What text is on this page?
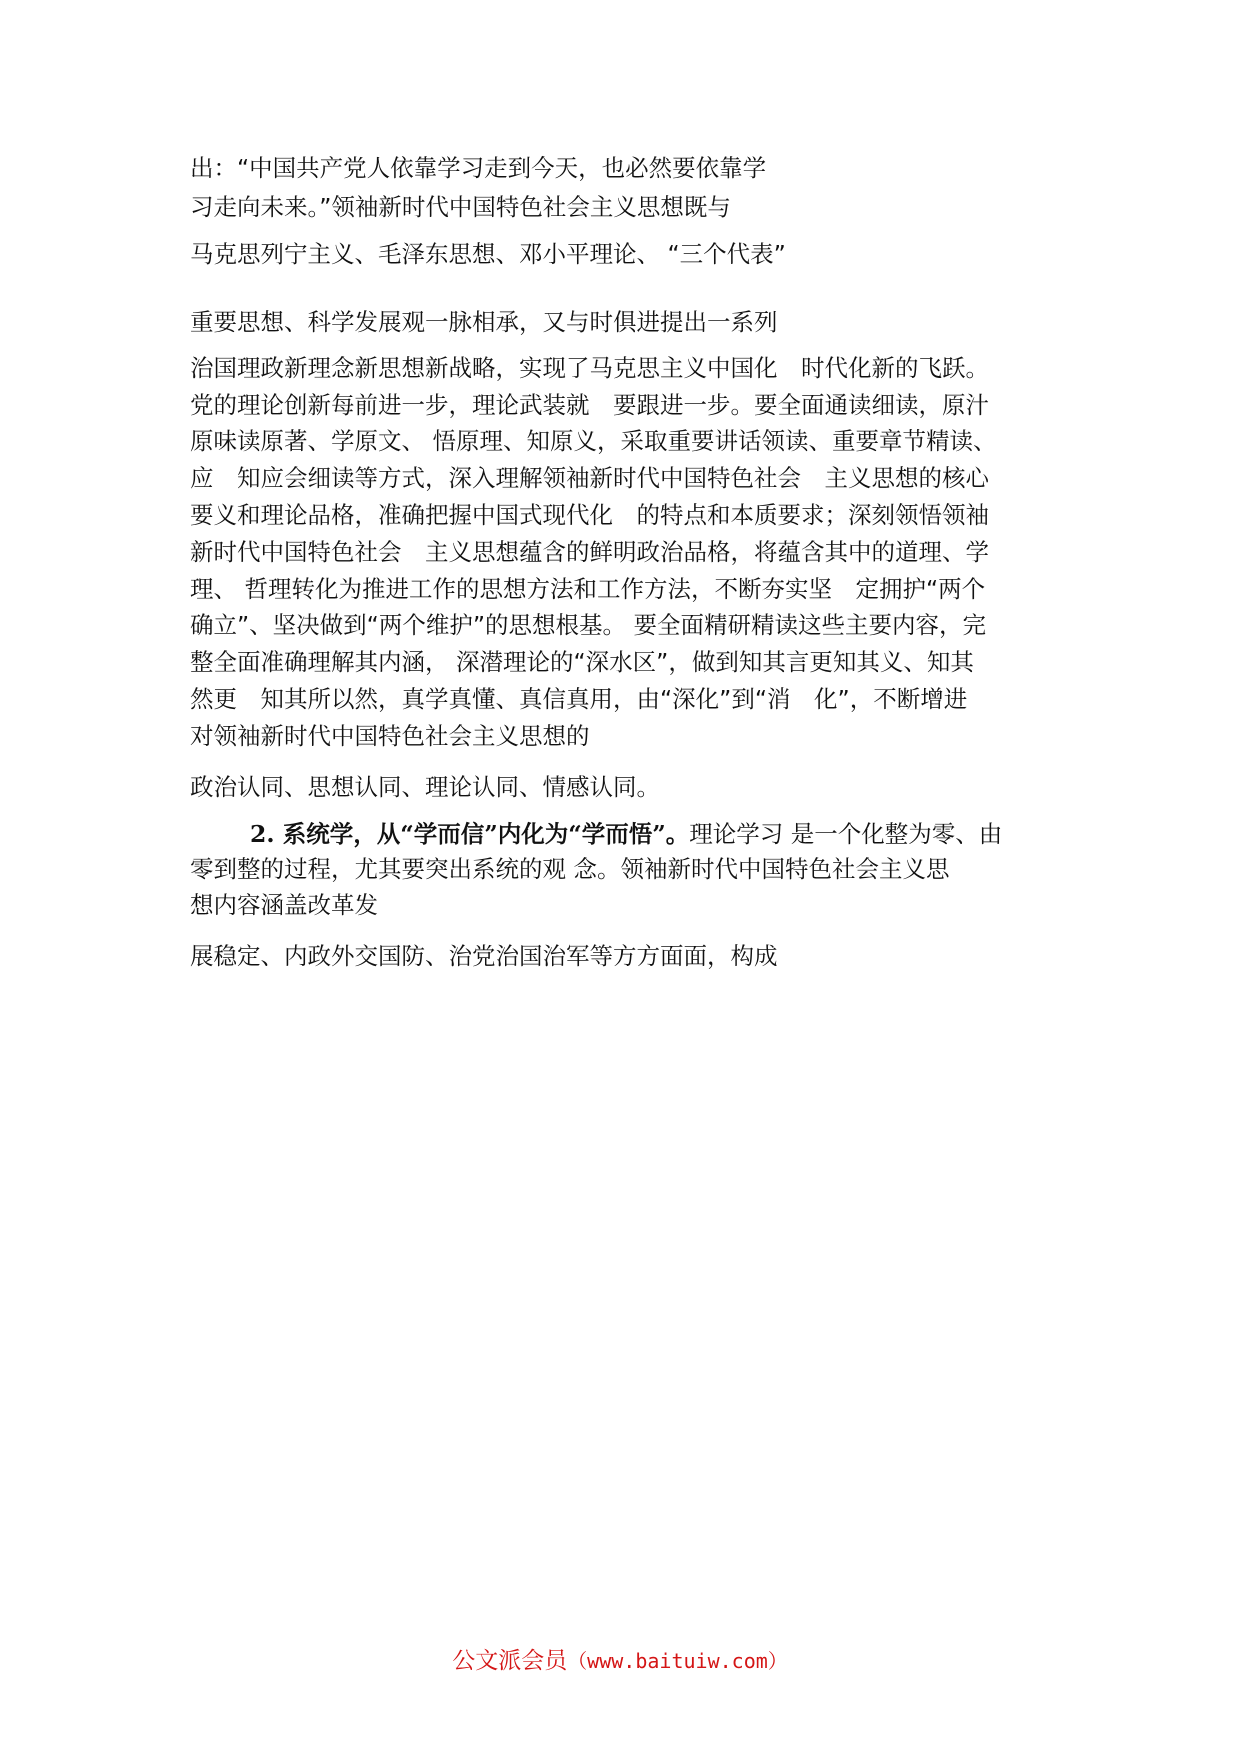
出：“中国共产党人依靠学习走到今天，也必然要依靠学
习走向未来。”领袖新时代中国特色社会主义思想既与
马克思列宁主义、毛泽东思想、邓小平理论、 “三个代表”
重要思想、科学发展观一脉相承，又与时俱进提出一系列
治国理政新理念新思想新战略，实现了马克思主义中国化　时代化新的飞跃。
党的理论创新每前进一步，理论武装就　要跟进一步。要全面通读细读，原汁
原味读原著、学原文、 悟原理、知原义，采取重要讲话领读、重要章节精读、
应　知应会细读等方式，深入理解领袖新时代中国特色社会　主义思想的核心
要义和理论品格，准确把握中国式现代化　的特点和本质要求；深刻领悟领袖
新时代中国特色社会　主义思想蕴含的鲜明政治品格，将蕴含其中的道理、学
理、 哲理转化为推进工作的思想方法和工作方法，不断夯实坚　定拥护“两个
确立”、坚决做到“两个维护”的思想根基。 要全面精研精读这些主要内容，完
整全面准确理解其内涵， 深潜理论的“深水区”，做到知其言更知其义、知其
然更　知其所以然，真学真懂、真信真用，由“深化”到“消　化”，不断增进
对领袖新时代中国特色社会主义思想的
政治认同、思想认同、理论认同、情感认同。
2. 系统学，从“学而信”内化为“学而悟”。理论学习 是一个化整为零、由
零到整的过程，尤其要突出系统的观 念。领袖新时代中国特色社会主义思
想内容涵盖改革发
展稳定、内政外交国防、治党治国治军等方方面面，构成
公文派会员（www.baituiw.com）
